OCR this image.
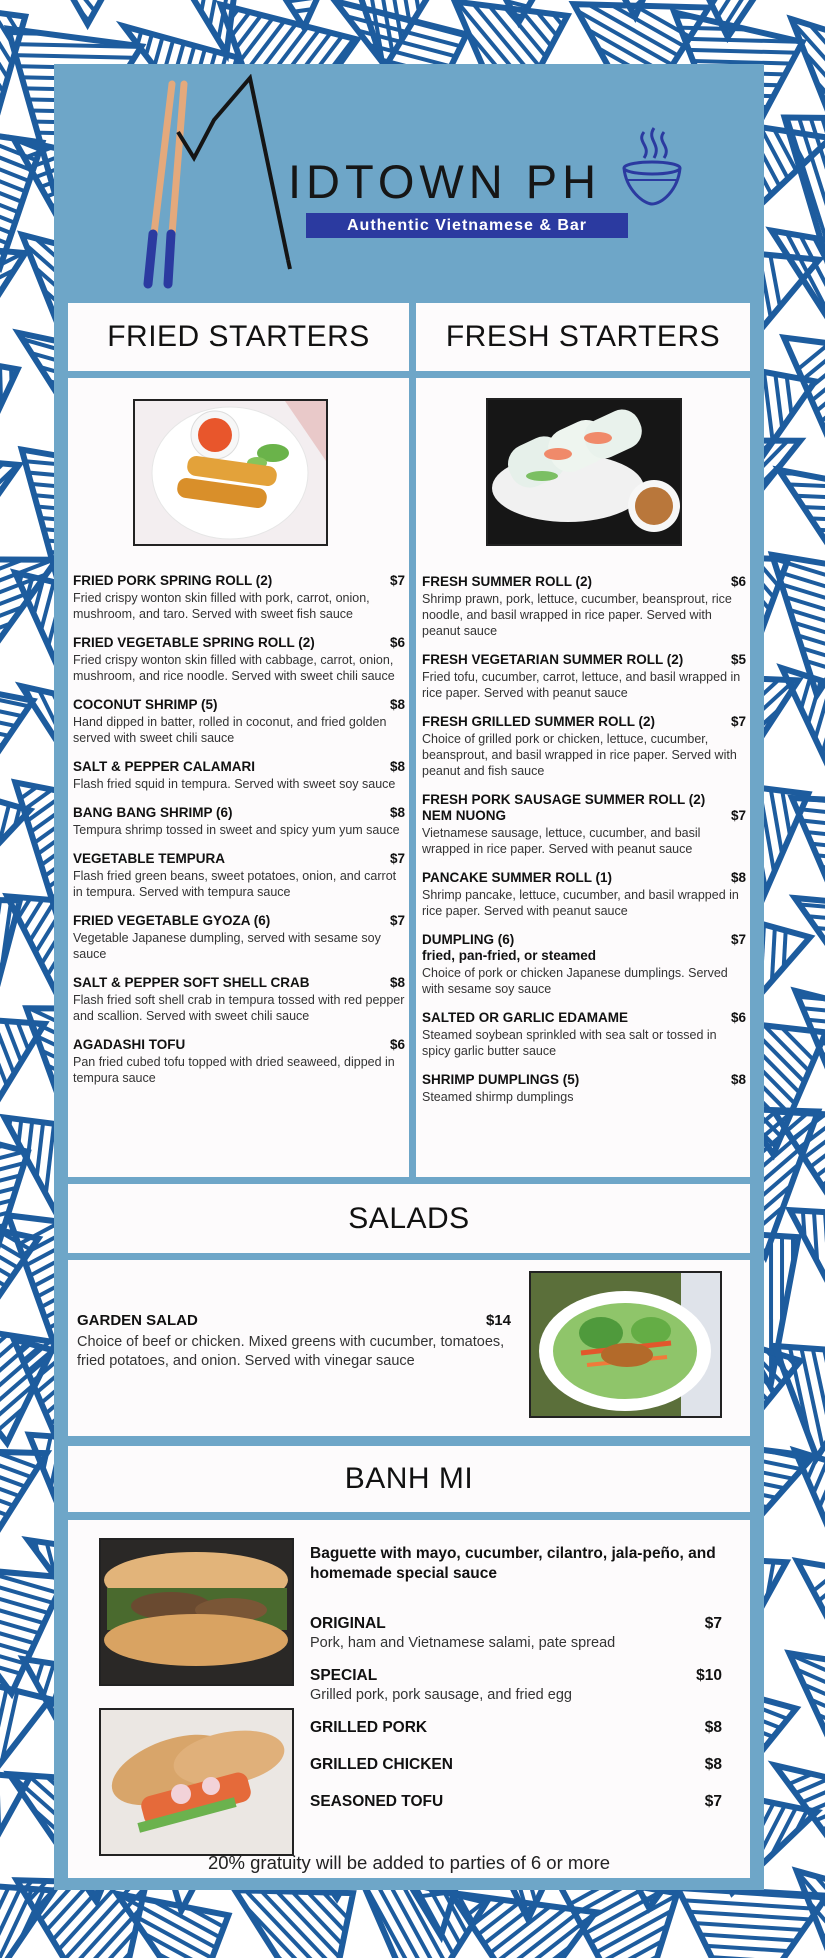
IDTOWN PH
Authentic Vietnamese & Bar
FRIED STARTERS	FRESH STARTERS
FRIED PORK SPRING ROLL (2)	$7
Fried crispy wonton skin filled with pork, carrot, onion, mushroom, and taro. Served with sweet fish sauce
FRIED VEGETABLE SPRING ROLL (2)	$6
Fried crispy wonton skin filled with cabbage, carrot, onion, mushroom, and rice noodle. Served with sweet chili sauce
COCONUT SHRIMP (5)	$8
Hand dipped in batter, rolled in coconut, and fried golden served with sweet chili sauce
SALT & PEPPER CALAMARI	$8
Flash fried squid in tempura. Served with sweet soy sauce
BANG BANG SHRIMP (6)	$8
Tempura shrimp tossed in sweet and spicy yum yum sauce
VEGETABLE TEMPURA	$7
Flash fried green beans, sweet potatoes, onion, and carrot in tempura. Served with tempura sauce
FRIED VEGETABLE GYOZA (6)	$7
Vegetable Japanese dumpling, served with sesame soy sauce
SALT & PEPPER SOFT SHELL CRAB	$8
Flash fried soft shell crab in tempura tossed with red pepper and scallion. Served with sweet chili sauce
AGADASHI TOFU	$6
Pan fried cubed tofu topped with dried seaweed, dipped in tempura sauce
FRESH SUMMER ROLL (2)	$6
Shrimp prawn, pork, lettuce, cucumber, beansprout, rice noodle, and basil wrapped in rice paper. Served with peanut sauce
FRESH VEGETARIAN SUMMER ROLL (2)	$5
Fried tofu, cucumber, carrot, lettuce, and basil wrapped in rice paper. Served with peanut sauce
FRESH GRILLED SUMMER ROLL (2)	$7
Choice of grilled pork or chicken, lettuce, cucumber, beansprout, and basil wrapped in rice paper. Served with peanut and fish sauce
FRESH PORK SAUSAGE SUMMER ROLL (2)
NEM NUONG	$7
Vietnamese sausage, lettuce, cucumber, and basil wrapped in rice paper. Served with peanut sauce
PANCAKE SUMMER ROLL (1)	$8
Shrimp pancake, lettuce, cucumber, and basil wrapped in rice paper. Served with peanut sauce
DUMPLING (6)	$7
fried, pan-fried, or steamed
Choice of pork or chicken Japanese dumplings. Served with sesame soy sauce
SALTED OR GARLIC EDAMAME	$6
Steamed soybean sprinkled with sea salt or tossed in spicy garlic butter sauce
SHRIMP DUMPLINGS (5)	$8
Steamed shirmp dumplings
SALADS
GARDEN SALAD	$14
Choice of beef or chicken. Mixed greens with cucumber, tomatoes, fried potatoes, and onion. Served with vinegar sauce
BANH MI
Baguette with mayo, cucumber, cilantro, jala-peño, and homemade special sauce
ORIGINAL	$7
Pork, ham and Vietnamese salami, pate spread
SPECIAL	$10
Grilled pork, pork sausage, and fried egg
GRILLED PORK	$8
GRILLED CHICKEN	$8
SEASONED TOFU	$7
20% gratuity will be added to parties of 6 or more
